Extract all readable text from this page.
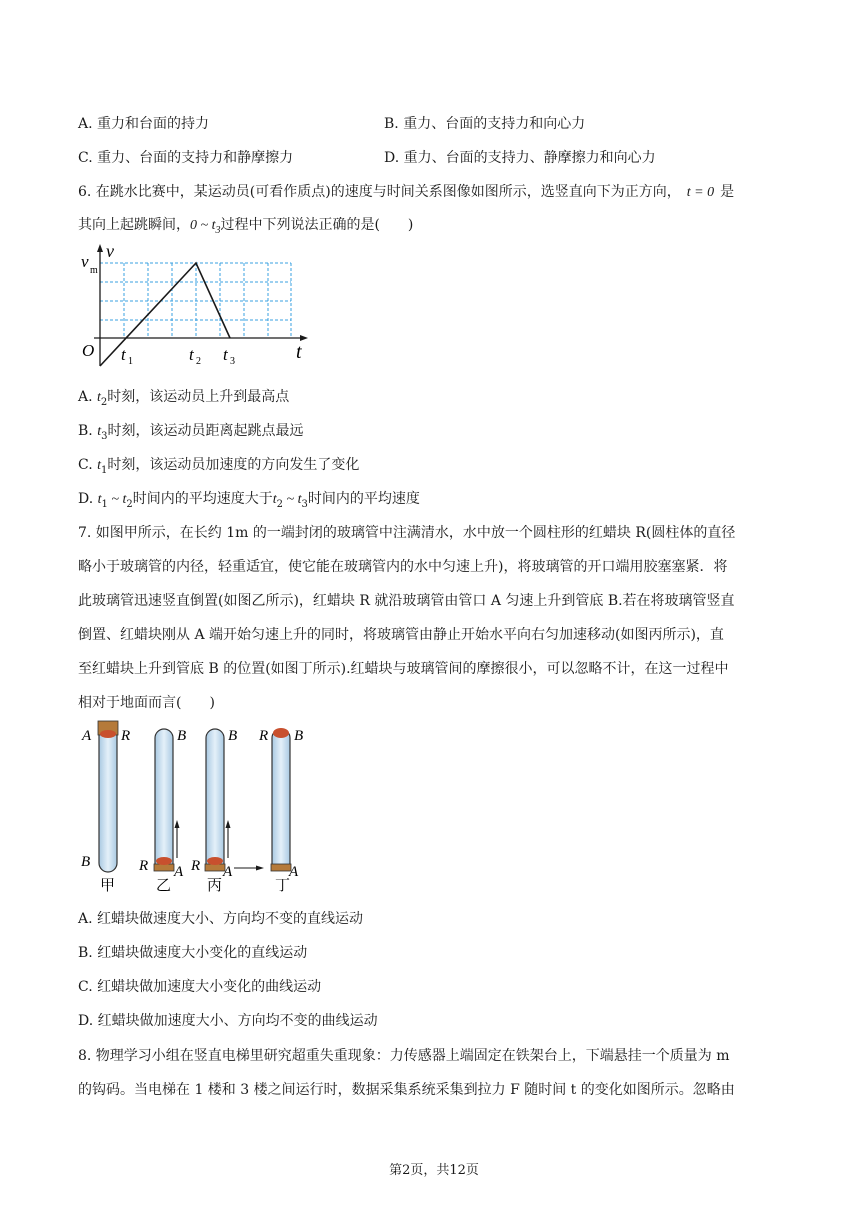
A. 重力和台面的持力	B. 重力、台面的支持力和向心力
C. 重力、台面的支持力和静摩擦力	D. 重力、台面的支持力、静摩擦力和向心力
6. 在跳水比赛中，某运动员(可看作质点)的速度与时间关系图像如图所示，选竖直向下为正方向， t = 0 是
其向上起跳瞬间，0 ~ $t_3$过程中下列说法正确的是(　　)
v
v m
O t 1	t 2 t 3	t
A. $t_2$时刻，该运动员上升到最高点
B. $t_3$时刻，该运动员距离起跳点最远
C. $t_1$时刻，该运动员加速度的方向发生了变化
D. $t_1$ ~ $t_2$时间内的平均速度大于$t_2$ ~ $t_3$时间内的平均速度
7. 如图甲所示，在长约 1m 的一端封闭的玻璃管中注满清水，水中放一个圆柱形的红蜡块 R(圆柱体的直径
略小于玻璃管的内径，轻重适宜，使它能在玻璃管内的水中匀速上升)，将玻璃管的开口端用胶塞塞紧．将
此玻璃管迅速竖直倒置(如图乙所示)，红蜡块 R 就沿玻璃管由管口 A 匀速上升到管底 B.若在将玻璃管竖直
倒置、红蜡块刚从 A 端开始匀速上升的同时，将玻璃管由静止开始水平向右匀加速移动(如图丙所示)，直
至红蜡块上升到管底 B 的位置(如图丁所示).红蜡块与玻璃管间的摩擦很小，可以忽略不计，在这一过程中
相对于地面而言(　　)
A R
B
甲
B
R A
乙
B
R A
丙
B
R
A
丁
A. 红蜡块做速度大小、方向均不变的直线运动
B. 红蜡块做速度大小变化的直线运动
C. 红蜡块做加速度大小变化的曲线运动
D. 红蜡块做加速度大小、方向均不变的曲线运动
8. 物理学习小组在竖直电梯里研究超重失重现象：力传感器上端固定在铁架台上，下端悬挂一个质量为 m
的钩码。当电梯在 1 楼和 3 楼之间运行时，数据采集系统采集到拉力 F 随时间 t 的变化如图所示。忽略由
第2页，共12页
